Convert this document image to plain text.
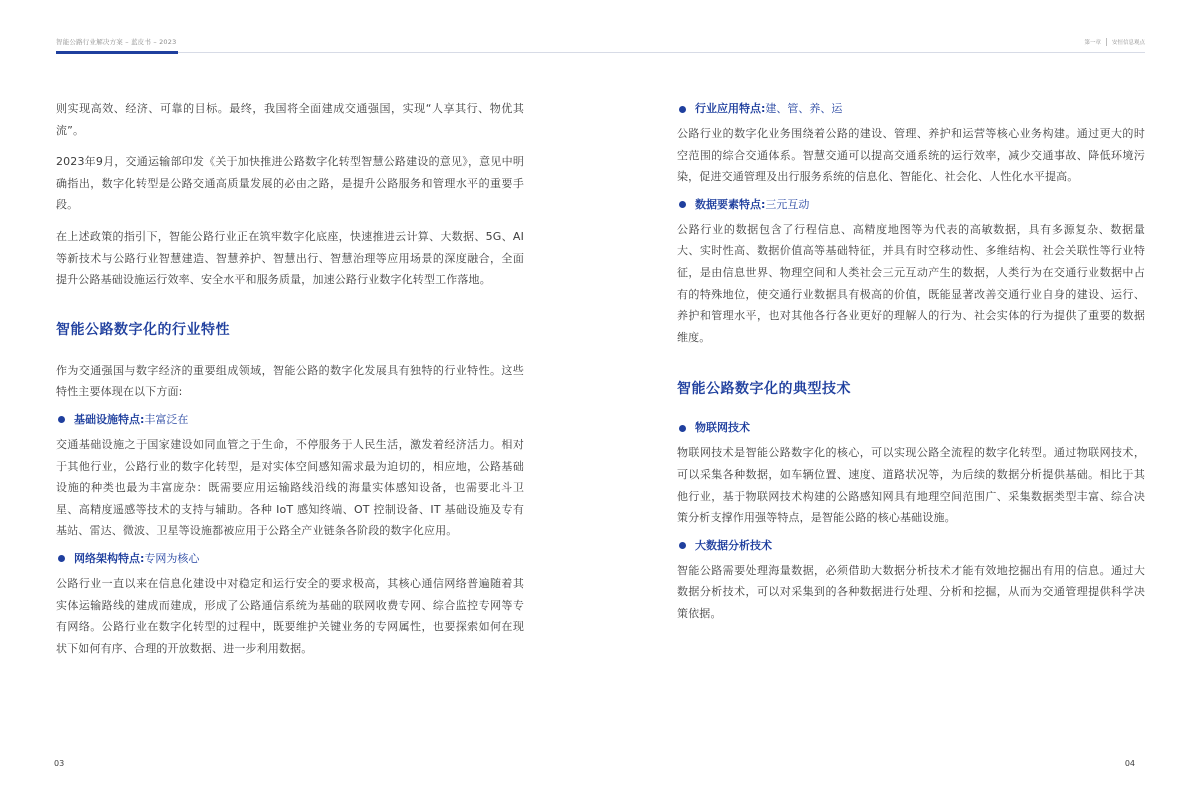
智能公路行业解决方案 – 蓝皮书 – 2023	第一章 安恒信息观点

则实现高效、经济、可靠的目标。最终，我国将全面建成交通强国，实现“人享其行、物优其流”。

2023年9月，交通运输部印发《关于加快推进公路数字化转型智慧公路建设的意见》，意见中明确指出，数字化转型是公路交通高质量发展的必由之路，是提升公路服务和管理水平的重要手段。

在上述政策的指引下，智能公路行业正在筑牢数字化底座，快速推进云计算、大数据、5G、AI等新技术与公路行业智慧建造、智慧养护、智慧出行、智慧治理等应用场景的深度融合，全面提升公路基础设施运行效率、安全水平和服务质量，加速公路行业数字化转型工作落地。

智能公路数字化的行业特性

作为交通强国与数字经济的重要组成领域，智能公路的数字化发展具有独特的行业特性。这些特性主要体现在以下方面:

基础设施特点: 丰富泛在

交通基础设施之于国家建设如同血管之于生命，不停服务于人民生活，激发着经济活力。相对于其他行业，公路行业的数字化转型，是对实体空间感知需求最为迫切的，相应地，公路基础设施的种类也最为丰富庞杂：既需要应用运输路线沿线的海量实体感知设备，也需要北斗卫星、高精度遥感等技术的支持与辅助。各种 IoT 感知终端、OT 控制设备、IT 基础设施及专有基站、雷达、微波、卫星等设施都被应用于公路全产业链条各阶段的数字化应用。

网络架构特点: 专网为核心

公路行业一直以来在信息化建设中对稳定和运行安全的要求极高，其核心通信网络普遍随着其实体运输路线的建成而建成，形成了公路通信系统为基础的联网收费专网、综合监控专网等专有网络。公路行业在数字化转型的过程中，既要维护关键业务的专网属性，也要探索如何在现状下如何有序、合理的开放数据、进一步利用数据。

行业应用特点: 建、管、养、运

公路行业的数字化业务围绕着公路的建设、管理、养护和运营等核心业务构建。通过更大的时空范围的综合交通体系。智慧交通可以提高交通系统的运行效率，减少交通事故、降低环境污染，促进交通管理及出行服务系统的信息化、智能化、社会化、人性化水平提高。

数据要素特点: 三元互动

公路行业的数据包含了行程信息、高精度地图等为代表的高敏数据，具有多源复杂、数据量大、实时性高、数据价值高等基础特征，并具有时空移动性、多维结构、社会关联性等行业特征，是由信息世界、物理空间和人类社会三元互动产生的数据，人类行为在交通行业数据中占有的特殊地位，使交通行业数据具有极高的价值，既能显著改善交通行业自身的建设、运行、养护和管理水平，也对其他各行各业更好的理解人的行为、社会实体的行为提供了重要的数据维度。

智能公路数字化的典型技术
物联网技术

物联网技术是智能公路数字化的核心，可以实现公路全流程的数字化转型。通过物联网技术，可以采集各种数据，如车辆位置、速度、道路状况等，为后续的数据分析提供基础。相比于其他行业，基于物联网技术构建的公路感知网具有地理空间范围广、采集数据类型丰富、综合决策分析支撑作用强等特点，是智能公路的核心基础设施。

大数据分析技术

智能公路需要处理海量数据，必须借助大数据分析技术才能有效地挖掘出有用的信息。通过大数据分析技术，可以对采集到的各种数据进行处理、分析和挖掘，从而为交通管理提供科学决策依据。

03	04
